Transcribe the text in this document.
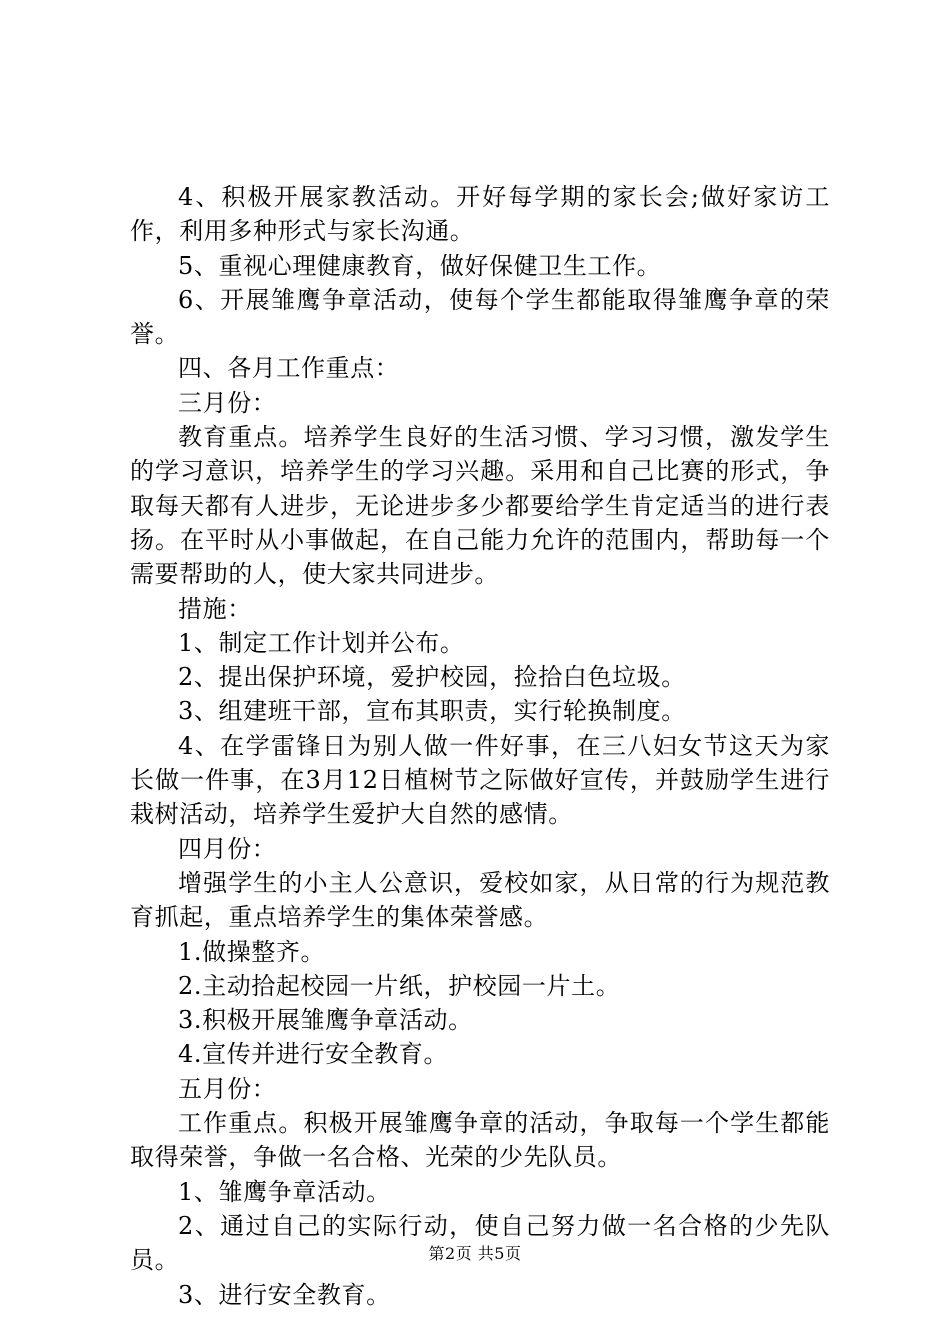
4、积极开展家教活动。开好每学期的家长会;做好家访工作，利用多种形式与家长沟通。

5、重视心理健康教育，做好保健卫生工作。

6、开展雏鹰争章活动，使每个学生都能取得雏鹰争章的荣誉。

四、各月工作重点：

三月份：

教育重点。培养学生良好的生活习惯、学习习惯，激发学生的学习意识，培养学生的学习兴趣。采用和自己比赛的形式，争取每天都有人进步，无论进步多少都要给学生肯定适当的进行表扬。在平时从小事做起，在自己能力允许的范围内，帮助每一个需要帮助的人，使大家共同进步。

措施：

1、制定工作计划并公布。

2、提出保护环境，爱护校园，捡拾白色垃圾。

3、组建班干部，宣布其职责，实行轮换制度。

4、在学雷锋日为别人做一件好事，在三八妇女节这天为家长做一件事，在3月12日植树节之际做好宣传，并鼓励学生进行栽树活动，培养学生爱护大自然的感情。

四月份：

增强学生的小主人公意识，爱校如家，从日常的行为规范教育抓起，重点培养学生的集体荣誉感。

1.做操整齐。

2.主动拾起校园一片纸，护校园一片土。

3.积极开展雏鹰争章活动。

4.宣传并进行安全教育。

五月份：

工作重点。积极开展雏鹰争章的活动，争取每一个学生都能取得荣誉，争做一名合格、光荣的少先队员。

1、雏鹰争章活动。

2、通过自己的实际行动，使自己努力做一名合格的少先队员。

3、进行安全教育。

第2页 共5页
